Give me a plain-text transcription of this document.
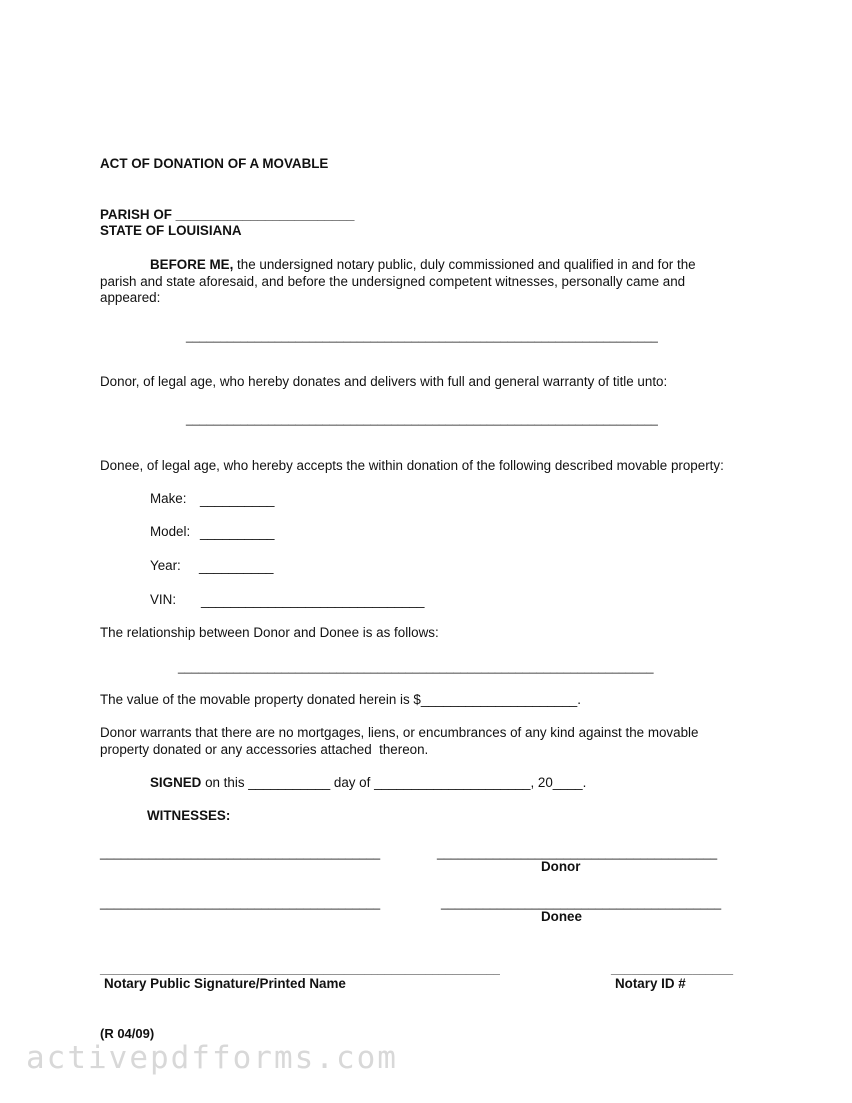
ACT OF DONATION OF A MOVABLE
PARISH OF ________________________
STATE OF LOUISIANA
BEFORE ME, the undersigned notary public, duly commissioned and qualified in and for the
parish and state aforesaid, and before the undersigned competent witnesses, personally came and
appeared:
_____________________________________________________________________
Donor, of legal age, who hereby donates and delivers with full and general warranty of title unto:
_____________________________________________________________________
Donee, of legal age, who hereby accepts the within donation of the following described movable property:
Make: __________
Model: __________
Year: __________
VIN: ______________________________
The relationship between Donor and Donee is as follows:
_____________________________________________________________________
The value of the movable property donated herein is $_____________________.
Donor warrants that there are no mortgages, liens, or encumbrances of any kind against the movable
property donated or any accessories attached  thereon.
SIGNED on this ___________ day of _____________________, 20____.
WITNESSES:
________________________________________	________________________________________
Donor
________________________________________	________________________________________
Donee
___________________________________________________________
Notary Public Signature/Printed Name
__________________
Notary ID #
(R 04/09)
activepdfforms.com
